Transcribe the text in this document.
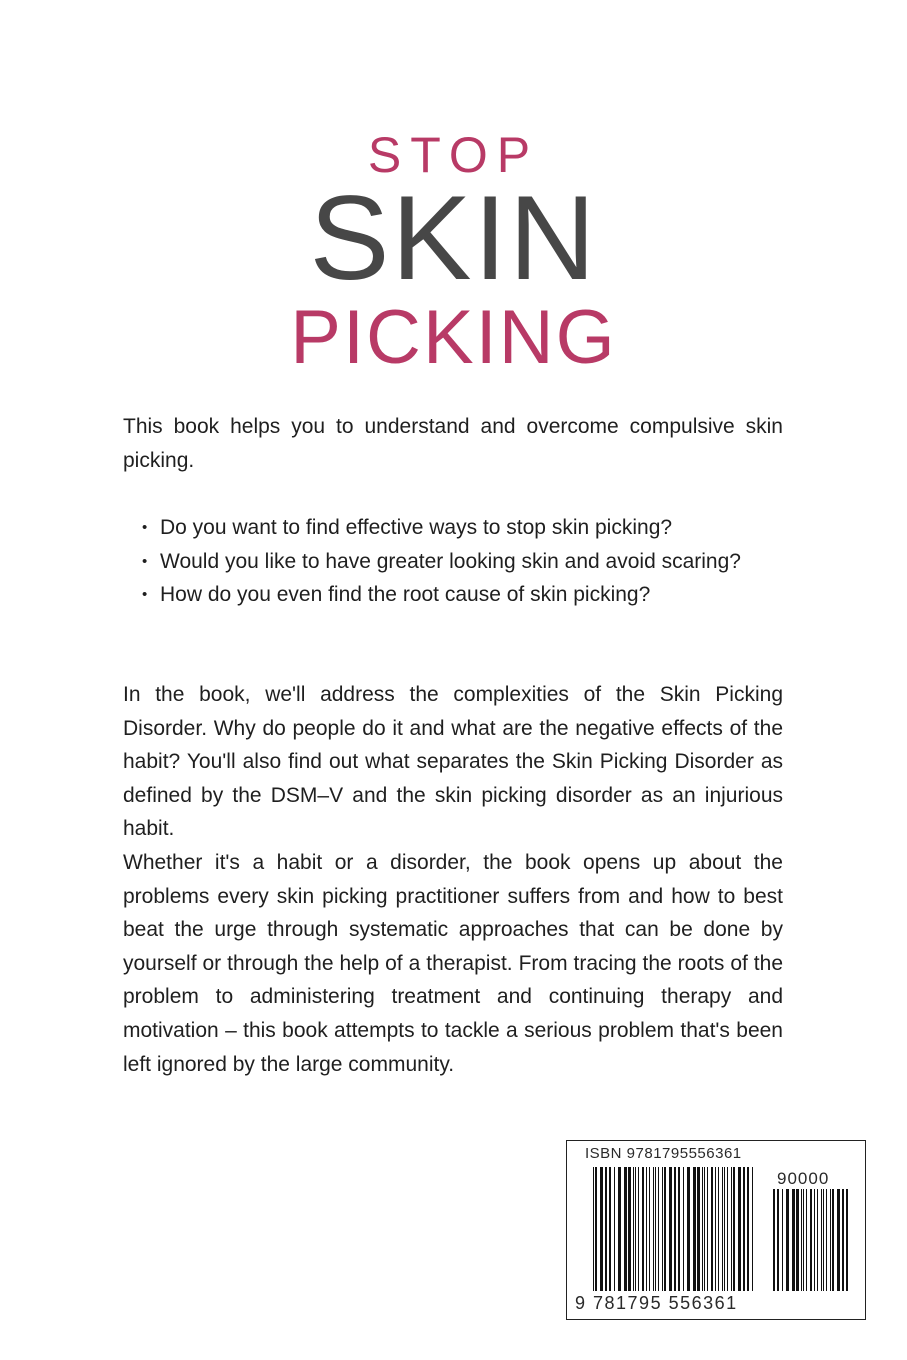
STOP
SKIN
PICKING
This book helps you to understand and overcome compulsive skin picking.
• Do you want to find effective ways to stop skin picking?
• Would you like to have greater looking skin and avoid scaring?
• How do you even find the root cause of skin picking?
In the book, we'll address the complexities of the Skin Picking Disorder. Why do people do it and what are the negative effects of the habit? You'll also find out what separates the Skin Picking Disorder as defined by the DSM–V and the skin picking disorder as an injurious habit.
Whether it's a habit or a disorder, the book opens up about the problems every skin picking practitioner suffers from and how to best beat the urge through systematic approaches that can be done by yourself or through the help of a therapist. From tracing the roots of the problem to administering treatment and continuing therapy and motivation – this book attempts to tackle a serious problem that's been left ignored by the large community.
ISBN 9781795556361
90000
9 781795 556361
